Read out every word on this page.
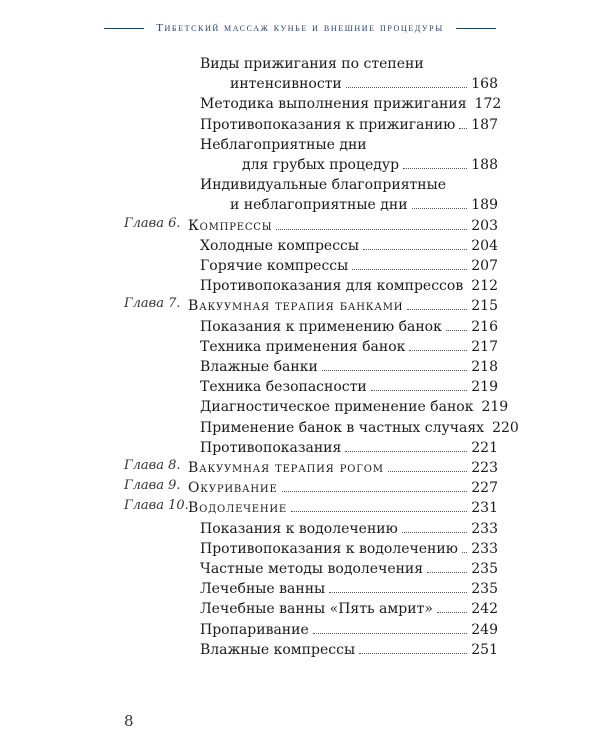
Тибетский массаж кунье и внешние процедуры
Виды прижигания по степени
интенсивности	168
Методика выполнения прижигания 172
Противопоказания к прижиганию 187
Неблагоприятные дни
для грубых процедур	188
Индивидуальные благоприятные
и неблагоприятные дни	189
Глава 6. Компрессы	203
Холодные компрессы	204
Горячие компрессы	207
Противопоказания для компрессов 212
Глава 7. Вакуумная терапия банками	215
Показания к применению банок 216
Техника применения банок	217
Влажные банки	218
Техника безопасности	219
Диагностическое применение банок 219
Применение банок в частных случаях 220
Противопоказания	221
Глава 8. Вакуумная терапия рогом	223
Глава 9. Окуривание	227
Глава 10. Водолечение	231
Показания к водолечению	233
Противопоказания к водолечению 233
Частные методы водолечения	235
Лечебные ванны	235
Лечебные ванны «Пять амрит»	242
Пропаривание	249
Влажные компрессы	251
8
